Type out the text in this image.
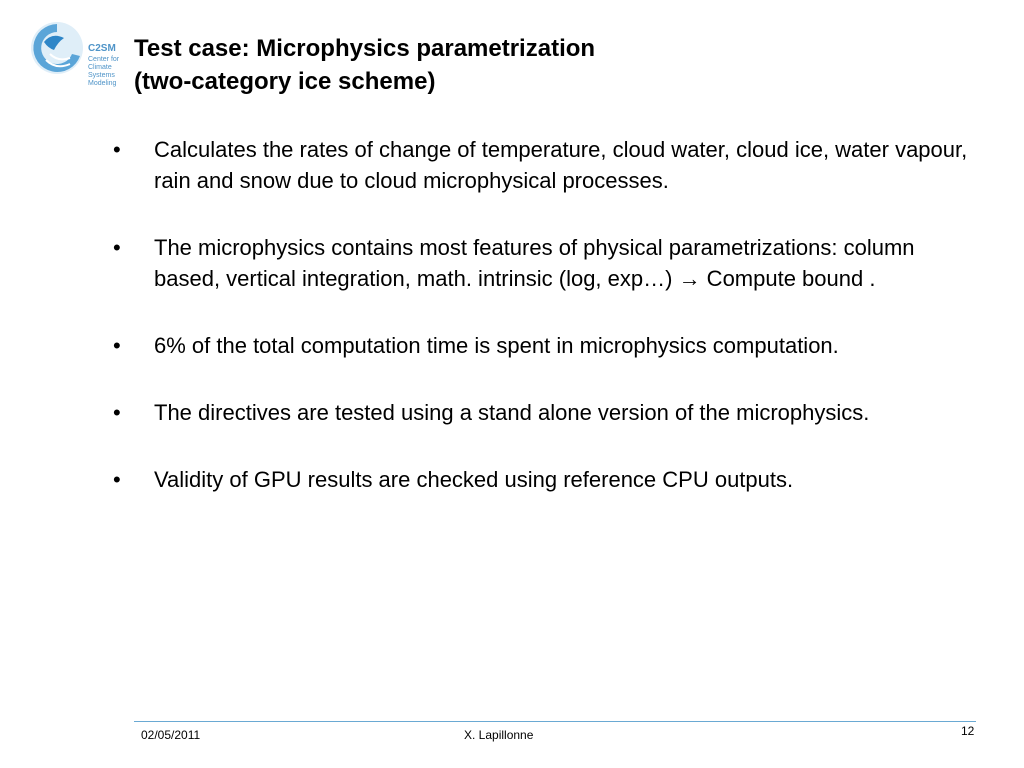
C2SM
Center for Climate
Systems Modeling
Test case: Microphysics parametrization
(two-category ice scheme)
•	Calculates the rates of change of temperature, cloud water, cloud ice, water vapour, rain and snow due to cloud microphysical processes.
•	The microphysics contains most features of physical parametrizations: column based, vertical integration, math. intrinsic (log, exp…) → Compute bound .
•	6% of the total computation time is spent in microphysics computation.
•	The directives are tested using a stand alone version of the microphysics.
•	Validity of GPU results are checked using reference CPU outputs.
02/05/2011	X. Lapillonne	12
